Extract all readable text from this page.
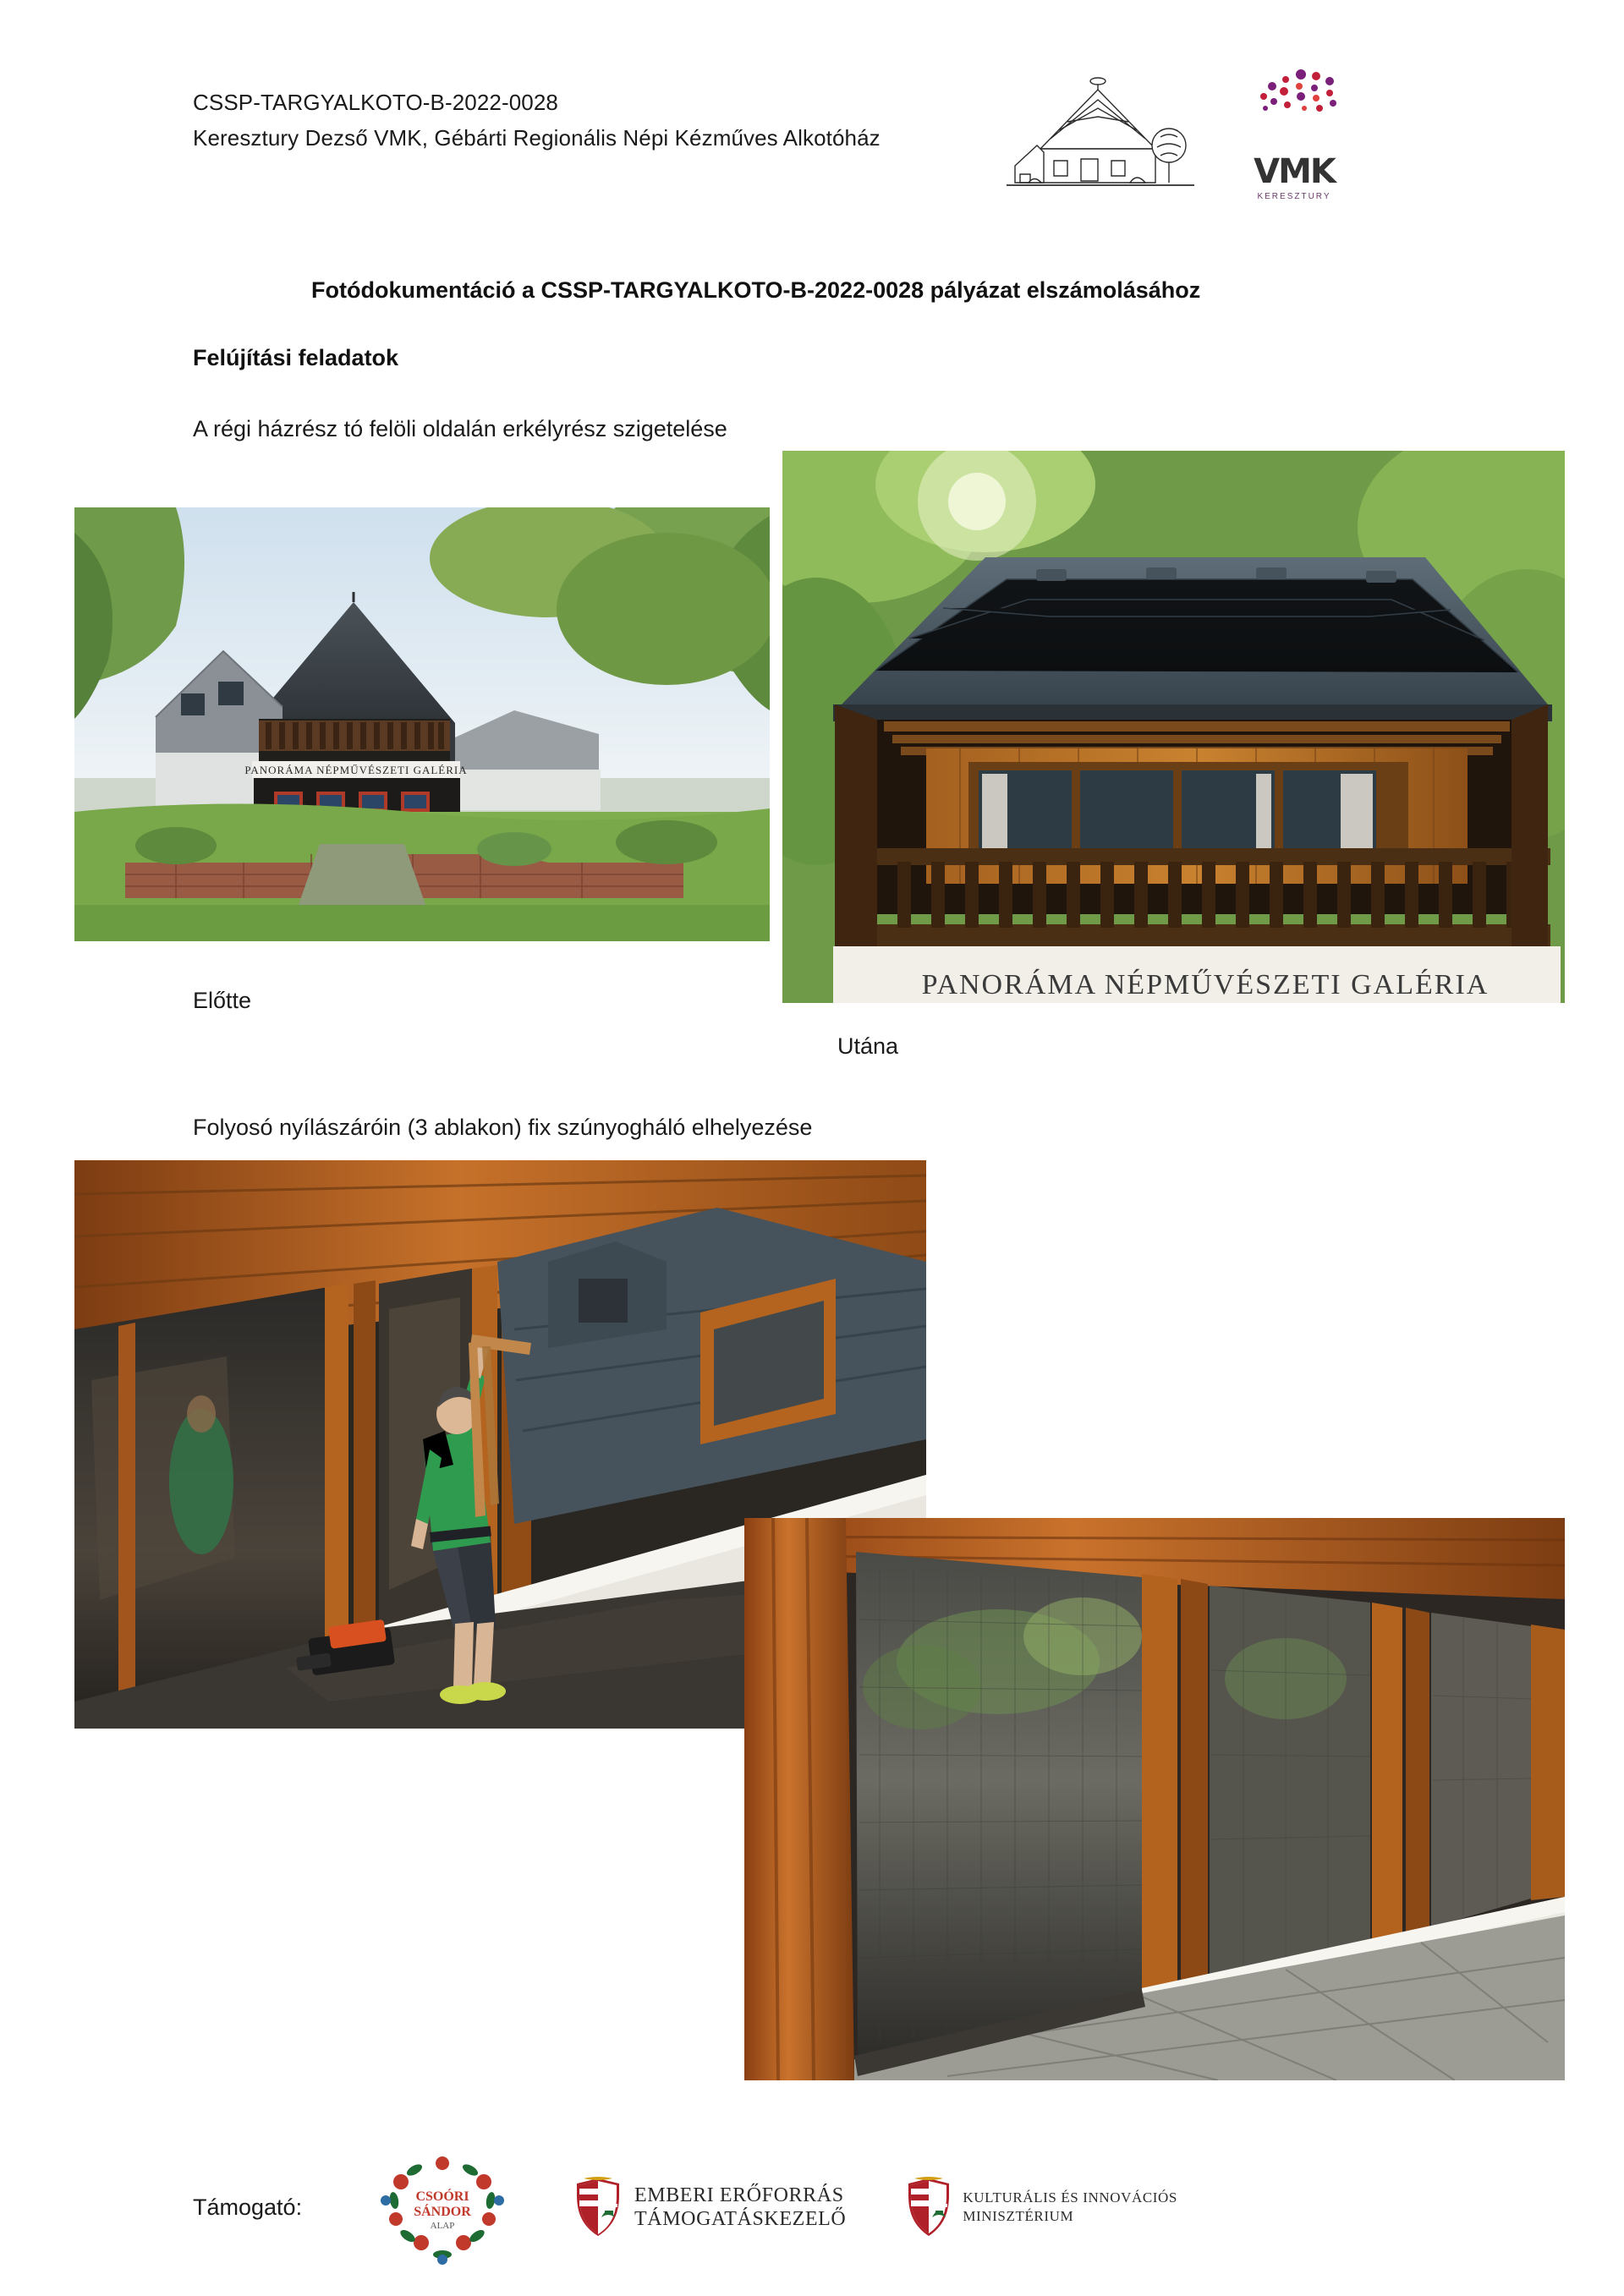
CSSP-TARGYALKOTO-B-2022-0028
Keresztury Dezső VMK, Gébárti Regionális Népi Kézműves Alkotóház
VMK
KERESZTURY
Fotódokumentáció a CSSP-TARGYALKOTO-B-2022-0028 pályázat elszámolásához
Felújítási feladatok
A régi házrész tó felöli oldalán erkélyrész szigetelése
Folyosó nyílászáróin (3 ablakon) fix szúnyogháló elhelyezése
Előtte
Utána
PANORÁMA NÉPMŰVÉSZETI GALÉRIA
PANORÁMA NÉPMŰVÉSZETI GALÉRIA
Támogató:	CSOÓRI
SÁNDOR
ALAP
EMBERI ERŐFORRÁS
TÁMOGATÁSKEZELŐ
KULTURÁLIS ÉS INNOVÁCIÓS
MINISZTÉRIUM
